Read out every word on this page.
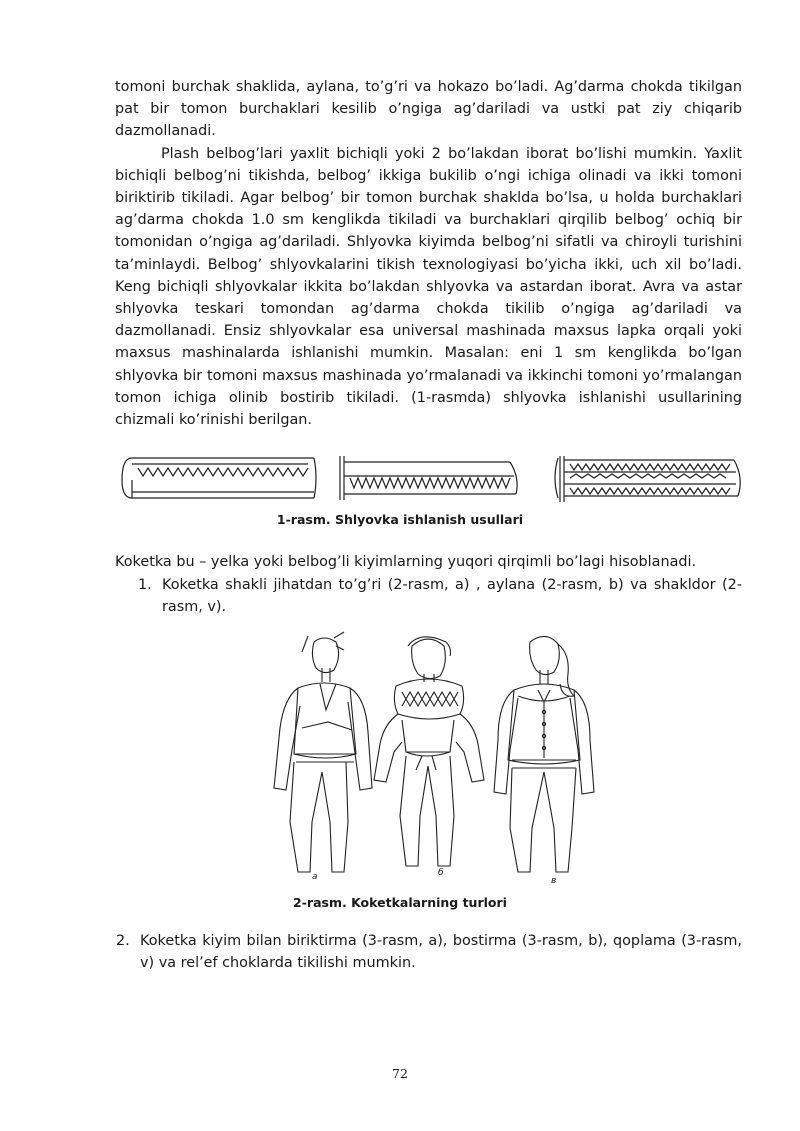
tomoni burchak shaklida, aylana, to’g’ri va hokazo bo’ladi. Ag’darma chokda tikilgan pat bir tomon burchaklari kesilib o’ngiga ag’dariladi va ustki pat ziy chiqarib dazmollanadi.

Plash belbog’lari yaxlit bichiqli yoki 2 bo’lakdan iborat bo’lishi mumkin. Yaxlit bichiqli belbog’ni tikishda, belbog’ ikkiga bukilib o’ngi ichiga olinadi va ikki tomoni biriktirib tikiladi. Agar belbog’ bir tomon burchak shakld​a bo’lsa, u holda burchaklari ag’darma chokda 1.0 sm kenglikda tikiladi va burchaklari qirqilib belbog’ ochiq bir tomonidan o’ngiga ag’dariladi. Shlyovka kiyimda belbog’ni sifatli va chiroyli turishini ta’minlaydi. Belbog’ shlyovkalarini tikish texnologiyasi bo’yicha ikki, uch xil bo’ladi. Keng bichiqli shlyovkalar ikkita bo’lakdan shlyovka va astardan iborat. Avra va astar shlyovka teskari tomondan ag’darma chokda tikilib o’ngiga ag’dariladi va dazmollanadi. Ensiz shlyovkalar esa universal mashinada maxsus lapka orqali yoki maxsus mashinalarda ishlanishi mumkin. Masalan: eni 1 sm kenglikda bo’lgan shlyovka bir tomoni maxsus mashinada yo’rmalanadi va ikkinchi tomoni yo’rmalangan tomon ichiga olinib bostirib tikiladi. (1-rasmda) shlyovka ishlanishi usullarining chizmali ko’rinishi berilgan.

1-rasm. Shlyovka ishlanish usullari

Koketka bu – yelka yoki belbog’li kiyimlarning yuqori qirqimli bo’lagi hisoblanadi.

1. Koketka shakli jihatdan to’g’ri (2-rasm, a) , aylana (2-rasm, b) va shakldor (2-rasm, v).
a	б
в
2-rasm. Koketkalarning turlori
2. Koketka kiyim bilan biriktirma (3-rasm, a), bostirma (3-rasm, b), qoplama (3-rasm, v) va rel’ef choklarda tikilishi mumkin.
72
